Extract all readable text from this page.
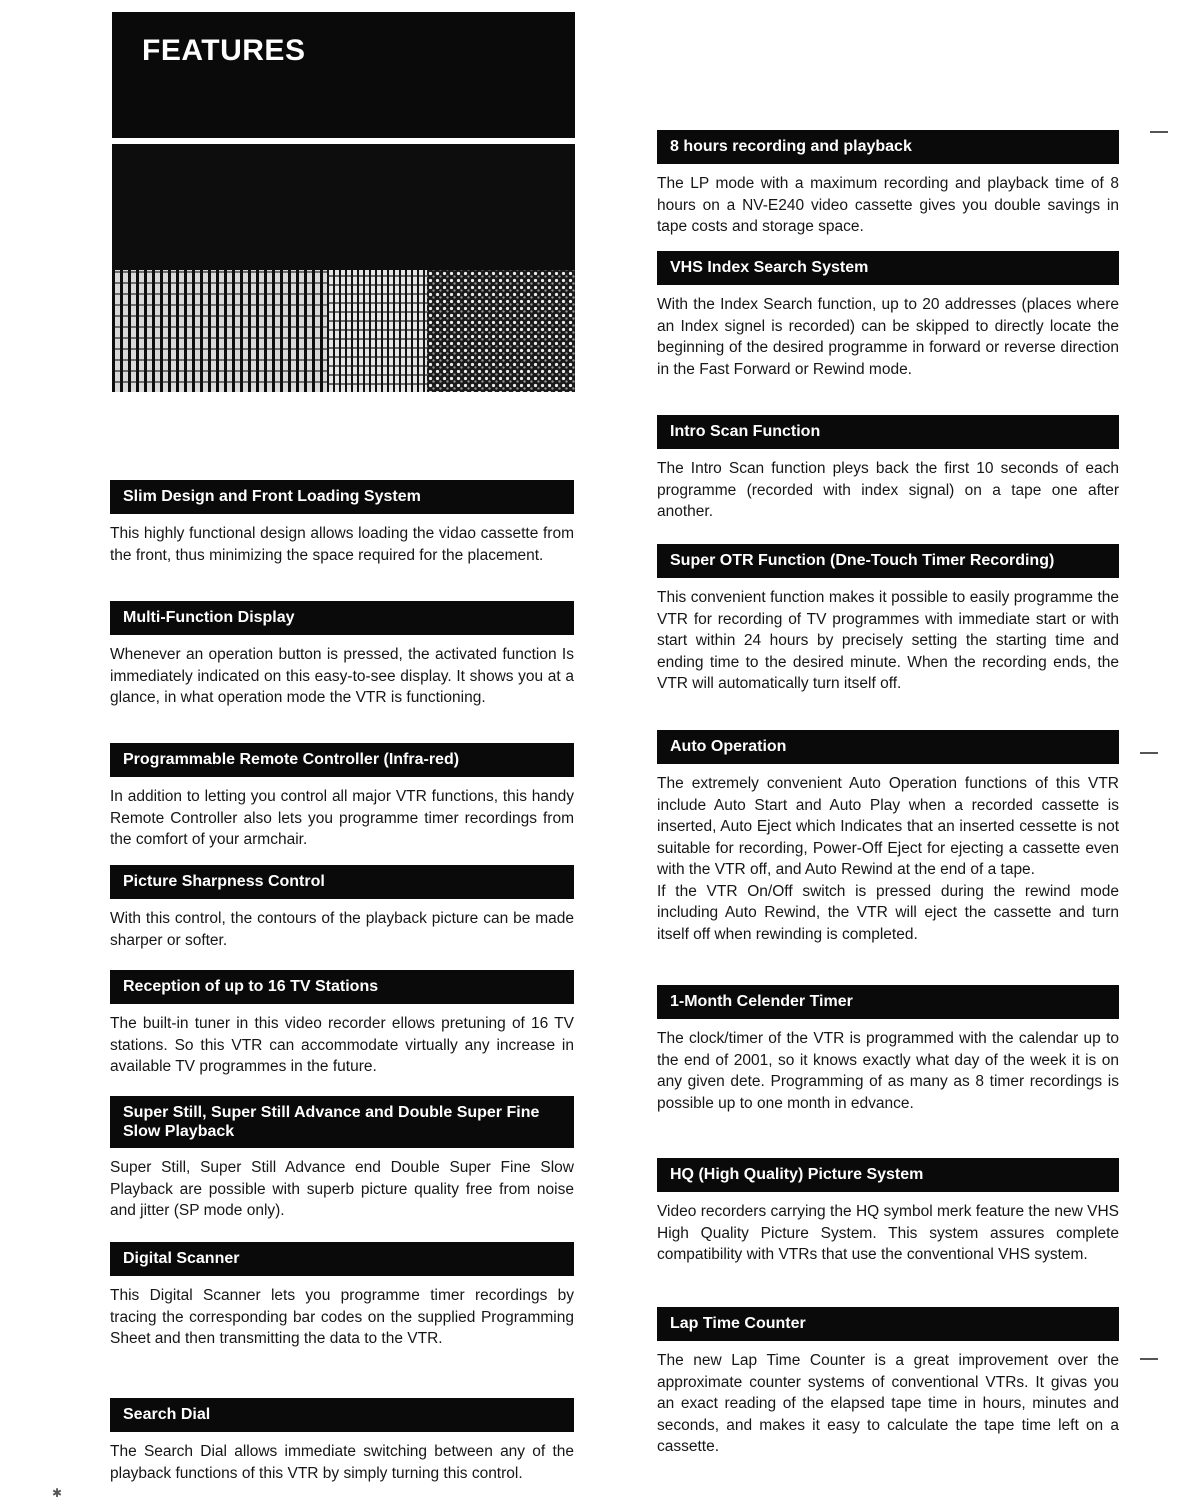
FEATURES
Slim Design and Front Loading System
This highly functional design allows loading the vidao cassette from the front, thus minimizing the space required for the placement.
Multi-Function Display
Whenever an operation button is pressed, the activated function Is immediately indicated on this easy-to-see display. It shows you at a glance, in what operation mode the VTR is functioning.
Programmable Remote Controller (Infra-red)
In addition to letting you control all major VTR functions, this handy Remote Controller also lets you programme timer recordings from the comfort of your armchair.
Picture Sharpness Control
With this control, the contours of the playback picture can be made sharper or softer.
Reception of up to 16 TV Stations
The built-in tuner in this video recorder ellows pretuning of 16 TV stations. So this VTR can accommodate virtually any increase in available TV programmes in the future.
Super Still, Super Still Advance and Double Super Fine Slow Playback
Super Still, Super Still Advance end Double Super Fine Slow Playback are possible with superb picture quality free from noise and jitter (SP mode only).
Digital Scanner
This Digital Scanner lets you programme timer recordings by tracing the corresponding bar codes on the supplied Programming Sheet and then transmitting the data to the VTR.
Search Dial
The Search Dial allows immediate switching between any of the playback functions of this VTR by simply turning this control.
8 hours recording and playback
The LP mode with a maximum recording and playback time of 8 hours on a NV-E240 video cassette gives you double savings in tape costs and storage space.
VHS Index Search System
With the Index Search function, up to 20 addresses (places where an Index signel is recorded) can be skipped to directly locate the beginning of the desired programme in forward or reverse direction in the Fast Forward or Rewind mode.
Intro Scan Function
The Intro Scan function pleys back the first 10 seconds of each programme (recorded with index signal) on a tape one after another.
Super OTR Function (Dne-Touch Timer Recording)
This convenient function makes it possible to easily programme the VTR for recording of TV programmes with immediate start or with start within 24 hours by precisely setting the starting time and ending time to the desired minute. When the recording ends, the VTR will automatically turn itself off.
Auto Operation
The extremely convenient Auto Operation functions of this VTR include Auto Start and Auto Play when a recorded cassette is inserted, Auto Eject which Indicates that an inserted cessette is not suitable for recording, Power-Off Eject for ejecting a cassette even with the VTR off, and Auto Rewind at the end of a tape.
If the VTR On/Off switch is pressed during the rewind mode including Auto Rewind, the VTR will eject the cassette and turn itself off when rewinding is completed.
1-Month Celender Timer
The clock/timer of the VTR is programmed with the calendar up to the end of 2001, so it knows exactly what day of the week it is on any given dete. Programming of as many as 8 timer recordings is possible up to one month in edvance.
HQ (High Quality) Picture System
Video recorders carrying the HQ symbol merk feature the new VHS High Quality Picture System. This system assures complete compatibility with VTRs that use the conventional VHS system.
Lap Time Counter
The new Lap Time Counter is a great improvement over the approximate counter systems of conventional VTRs. It givas you an exact reading of the elapsed tape time in hours, minutes and seconds, and makes it easy to calculate the tape time left on a cassette.
✱
